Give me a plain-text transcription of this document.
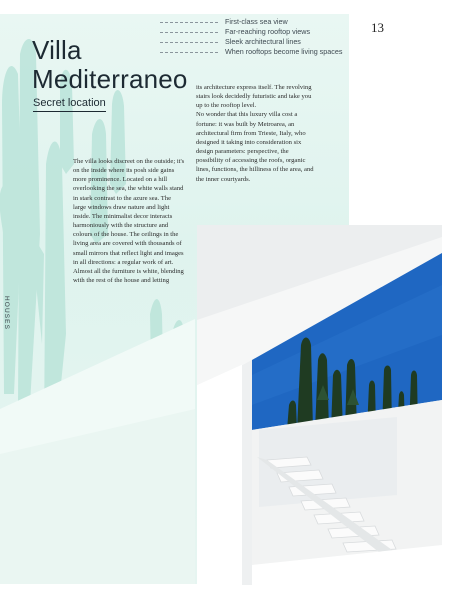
Villa
Mediterraneo
Secret location
First-class sea view
Far-reaching rooftop views
Sleek architectural lines
When rooftops become living spaces
13

The villa looks discreet on the outside; it's on the inside where its posh side gains more prominence. Located on a hill overlooking the sea, the white walls stand in stark contrast to the azure sea. The large windows draw nature and light inside. The minimalist decor interacts harmoniously with the structure and colours of the house. The ceilings in the living area are covered with thousands of small mirrors that reflect light and images in all directions: a regular work of art. Almost all the furniture is white, blending with the rest of the house and letting

its architecture express itself. The revolving stairs look decidedly futuristic and take you up to the rooftop level.

No wonder that this luxury villa cost a fortune: it was built by Metroarea, an architectural firm from Trieste, Italy, who designed it taking into consideration six design parameters: perspective, the possibility of accessing the roofs, organic lines, functions, the hilliness of the area, and the inner courtyards.

HOUSES
